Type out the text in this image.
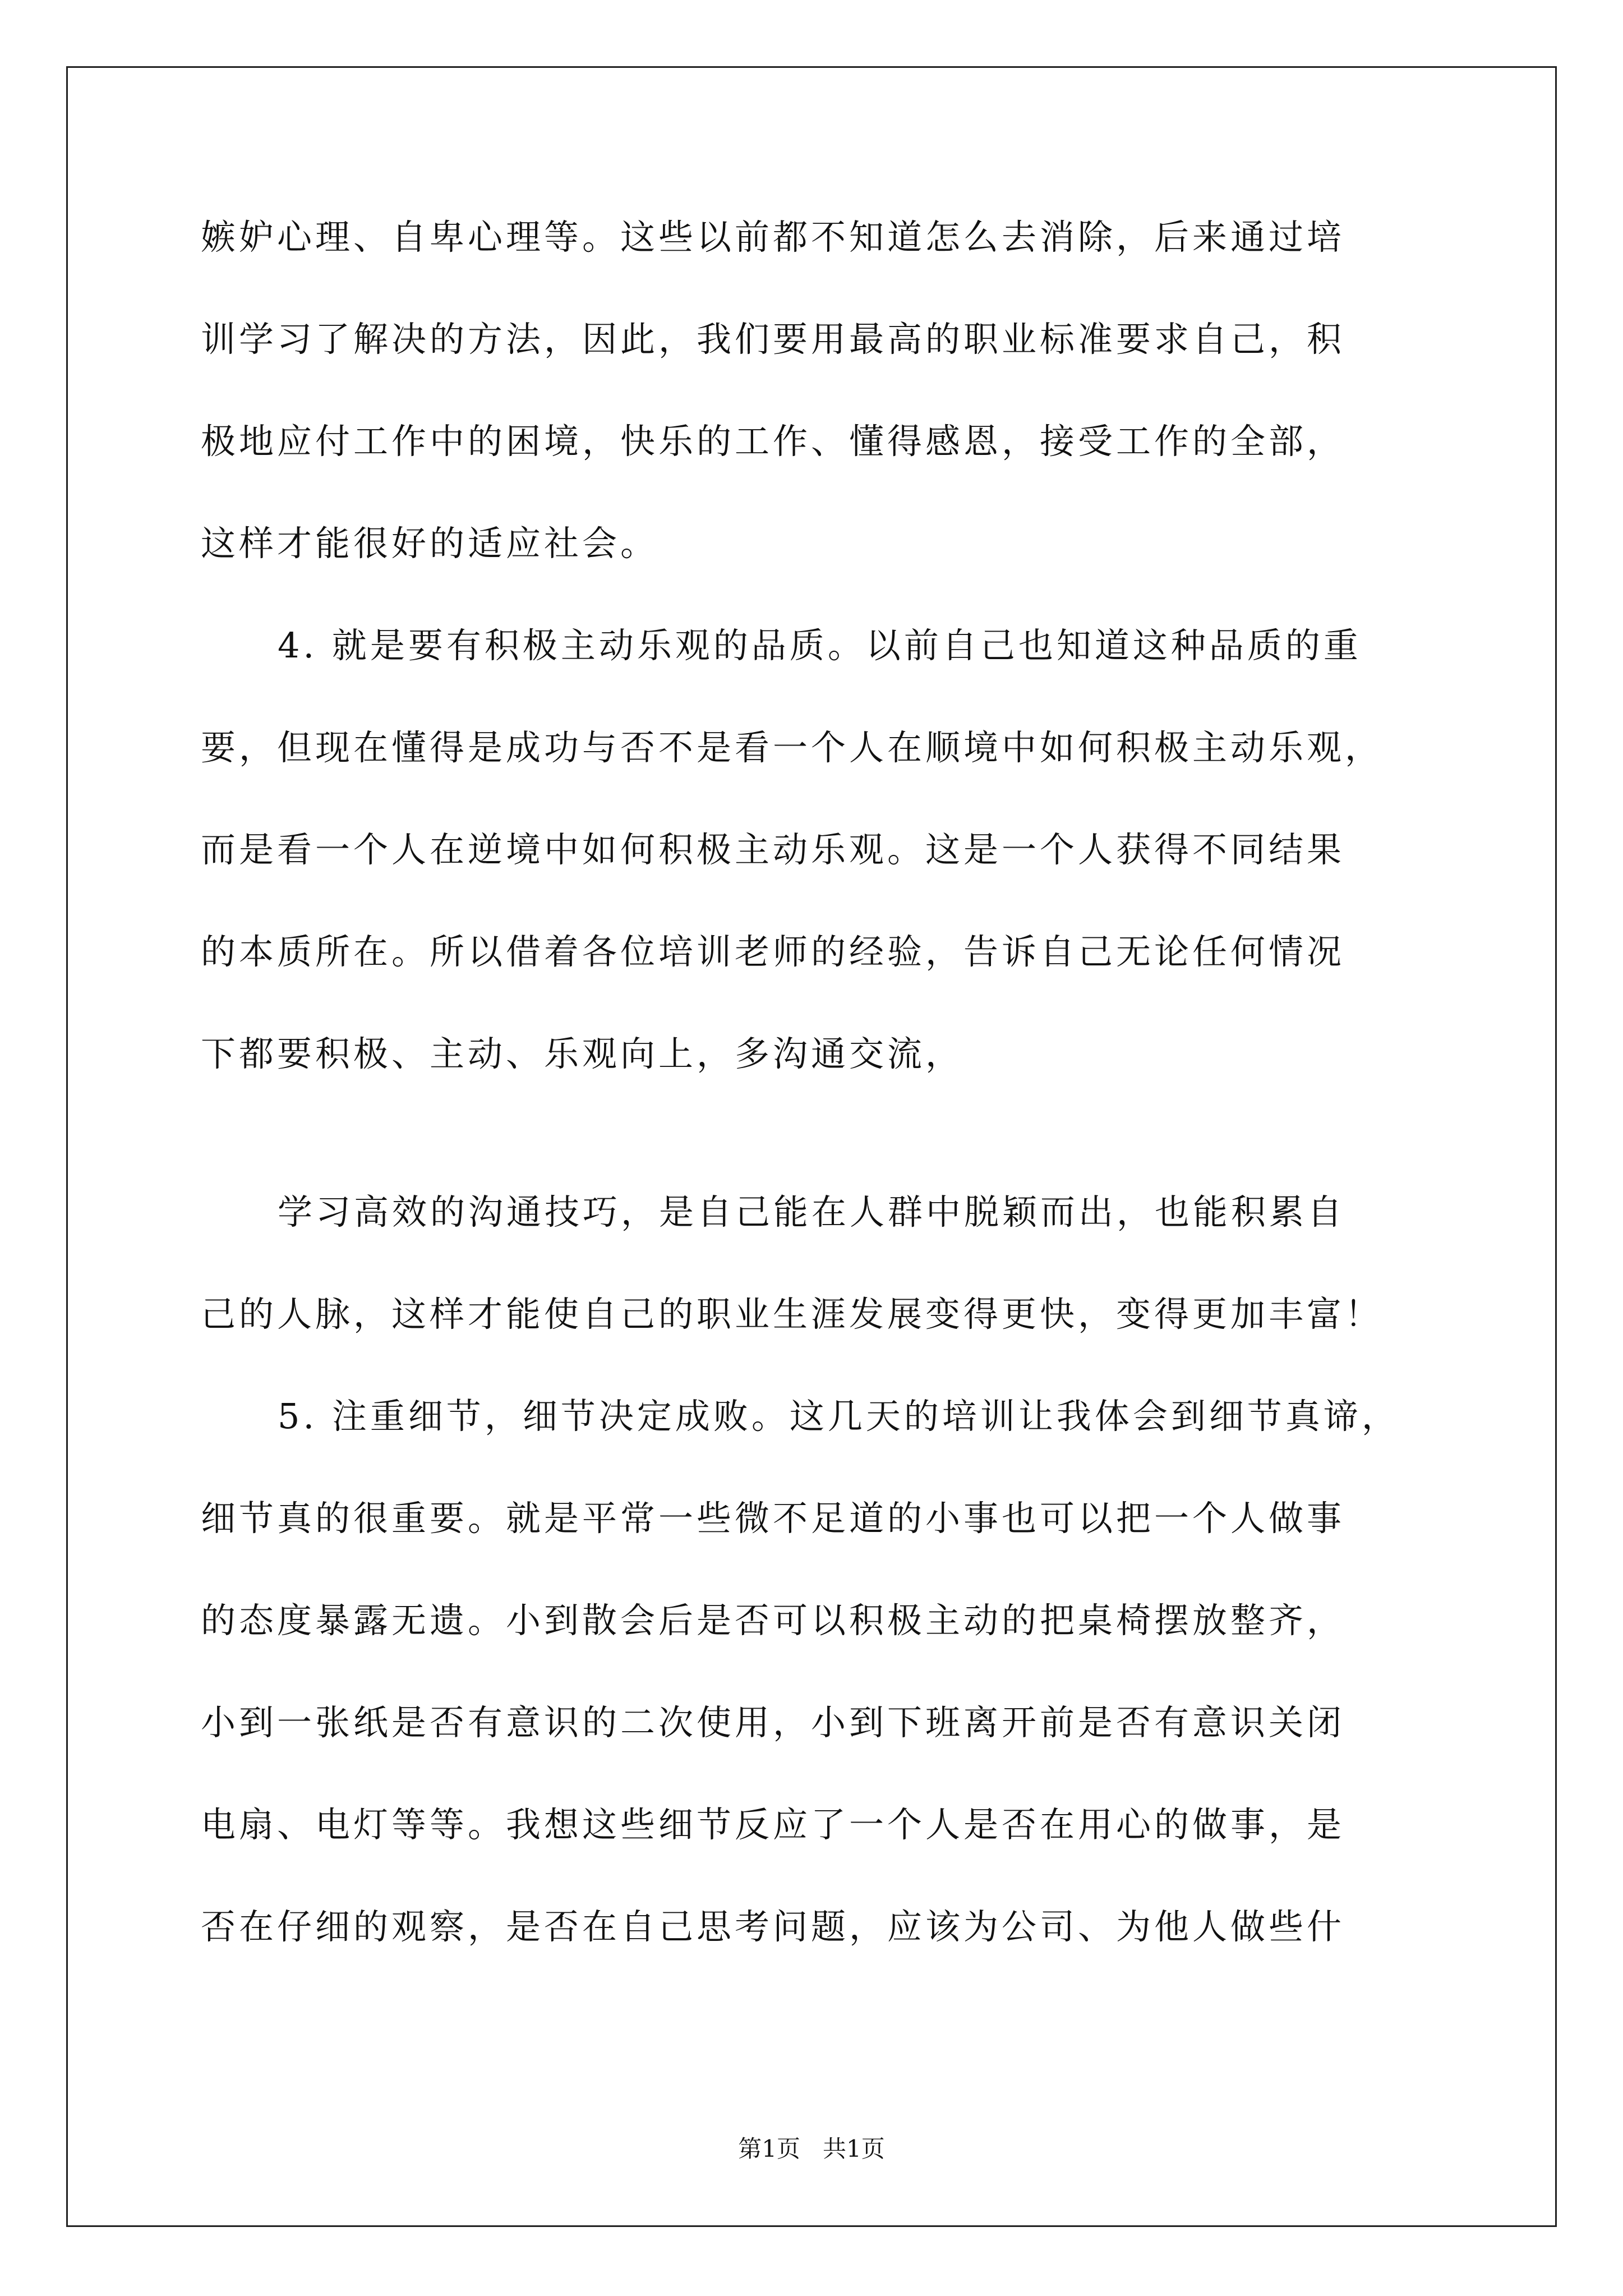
嫉妒心理、自卑心理等。这些以前都不知道怎么去消除，后来通过培
训学习了解决的方法，因此，我们要用最高的职业标准要求自己，积
极地应付工作中的困境，快乐的工作、懂得感恩，接受工作的全部，
这样才能很好的适应社会。
4. 就是要有积极主动乐观的品质。以前自己也知道这种品质的重
要，但现在懂得是成功与否不是看一个人在顺境中如何积极主动乐观，
而是看一个人在逆境中如何积极主动乐观。这是一个人获得不同结果
的本质所在。所以借着各位培训老师的经验，告诉自己无论任何情况
下都要积极、主动、乐观向上，多沟通交流，
学习高效的沟通技巧，是自己能在人群中脱颖而出，也能积累自
己的人脉，这样才能使自己的职业生涯发展变得更快，变得更加丰富！
5. 注重细节，细节决定成败。这几天的培训让我体会到细节真谛，
细节真的很重要。就是平常一些微不足道的小事也可以把一个人做事
的态度暴露无遗。小到散会后是否可以积极主动的把桌椅摆放整齐，
小到一张纸是否有意识的二次使用，小到下班离开前是否有意识关闭
电扇、电灯等等。我想这些细节反应了一个人是否在用心的做事，是
否在仔细的观察，是否在自己思考问题，应该为公司、为他人做些什
第1页   共1页
